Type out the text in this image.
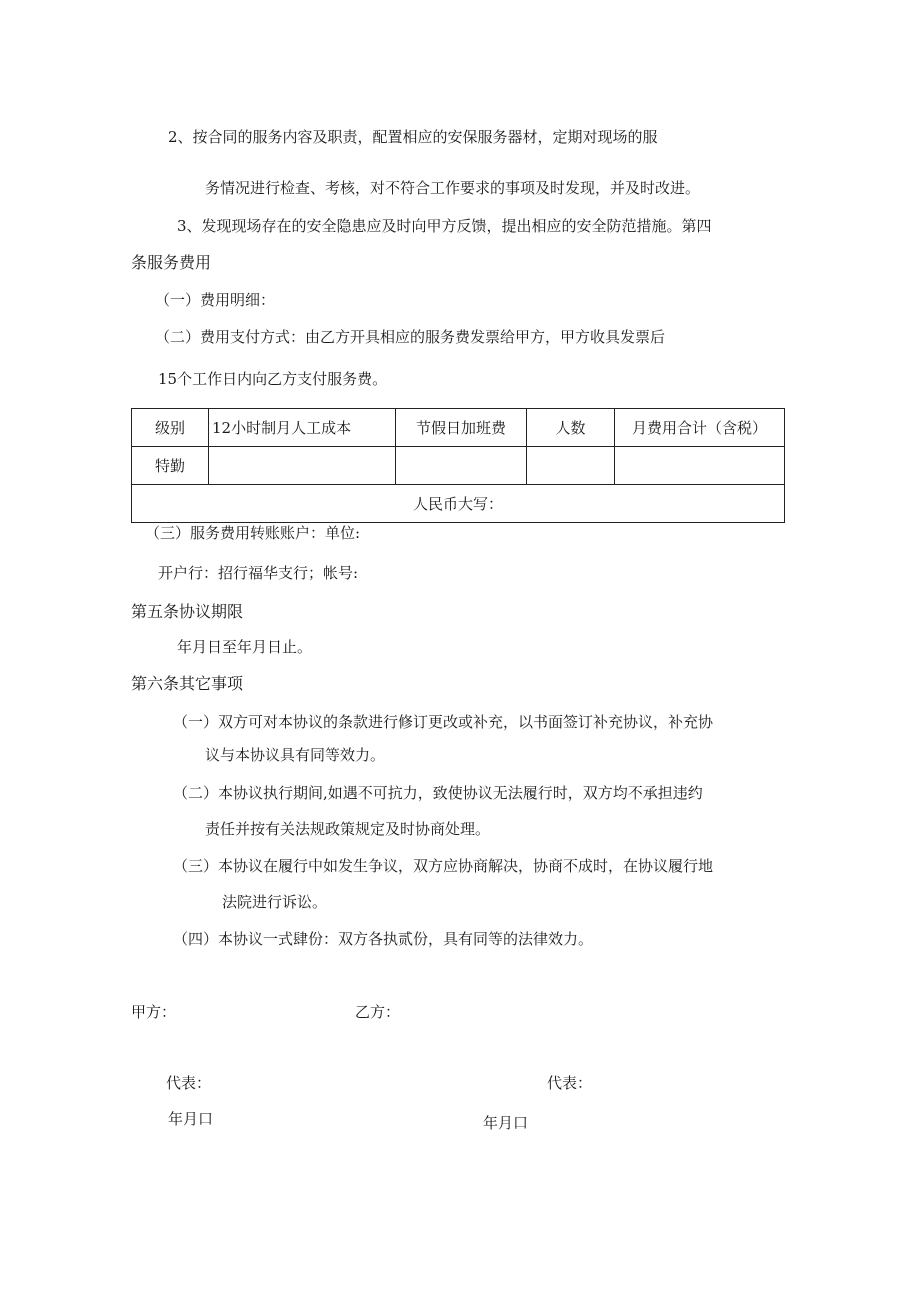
2、按合同的服务内容及职责，配置相应的安保服务器材，定期对现场的服
务情况进行检查、考核，对不符合工作要求的事项及时发现，并及时改进。
3、发现现场存在的安全隐患应及时向甲方反馈，提出相应的安全防范措施。第四
条服务费用
（一）费用明细：
（二）费用支付方式：由乙方开具相应的服务费发票给甲方，甲方收具发票后
15个工作日内向乙方支付服务费。
级别	12小时制月人工成本	节假日加班费	人数	月费用合计（含税）
特勤				
人民币大写：				
（三）服务费用转账账户：单位:
开户行：招行福华支行；帐号:
第五条协议期限
年月日至年月日止。
第六条其它事项
（一）双方可对本协议的条款进行修订更改或补充，以书面签订补充协议，补充协
议与本协议具有同等效力。
（二）本协议执行期间,如遇不可抗力，致使协议无法履行时，双方均不承担违约
责任并按有关法规政策规定及时协商处理。
（三）本协议在履行中如发生争议，双方应协商解决，协商不成时，在协议履行地
法院进行诉讼。
（四）本协议一式肆份：双方各执贰份，具有同等的法律效力。
甲方：	乙方：
代表：	代表：
年月口	年月口
